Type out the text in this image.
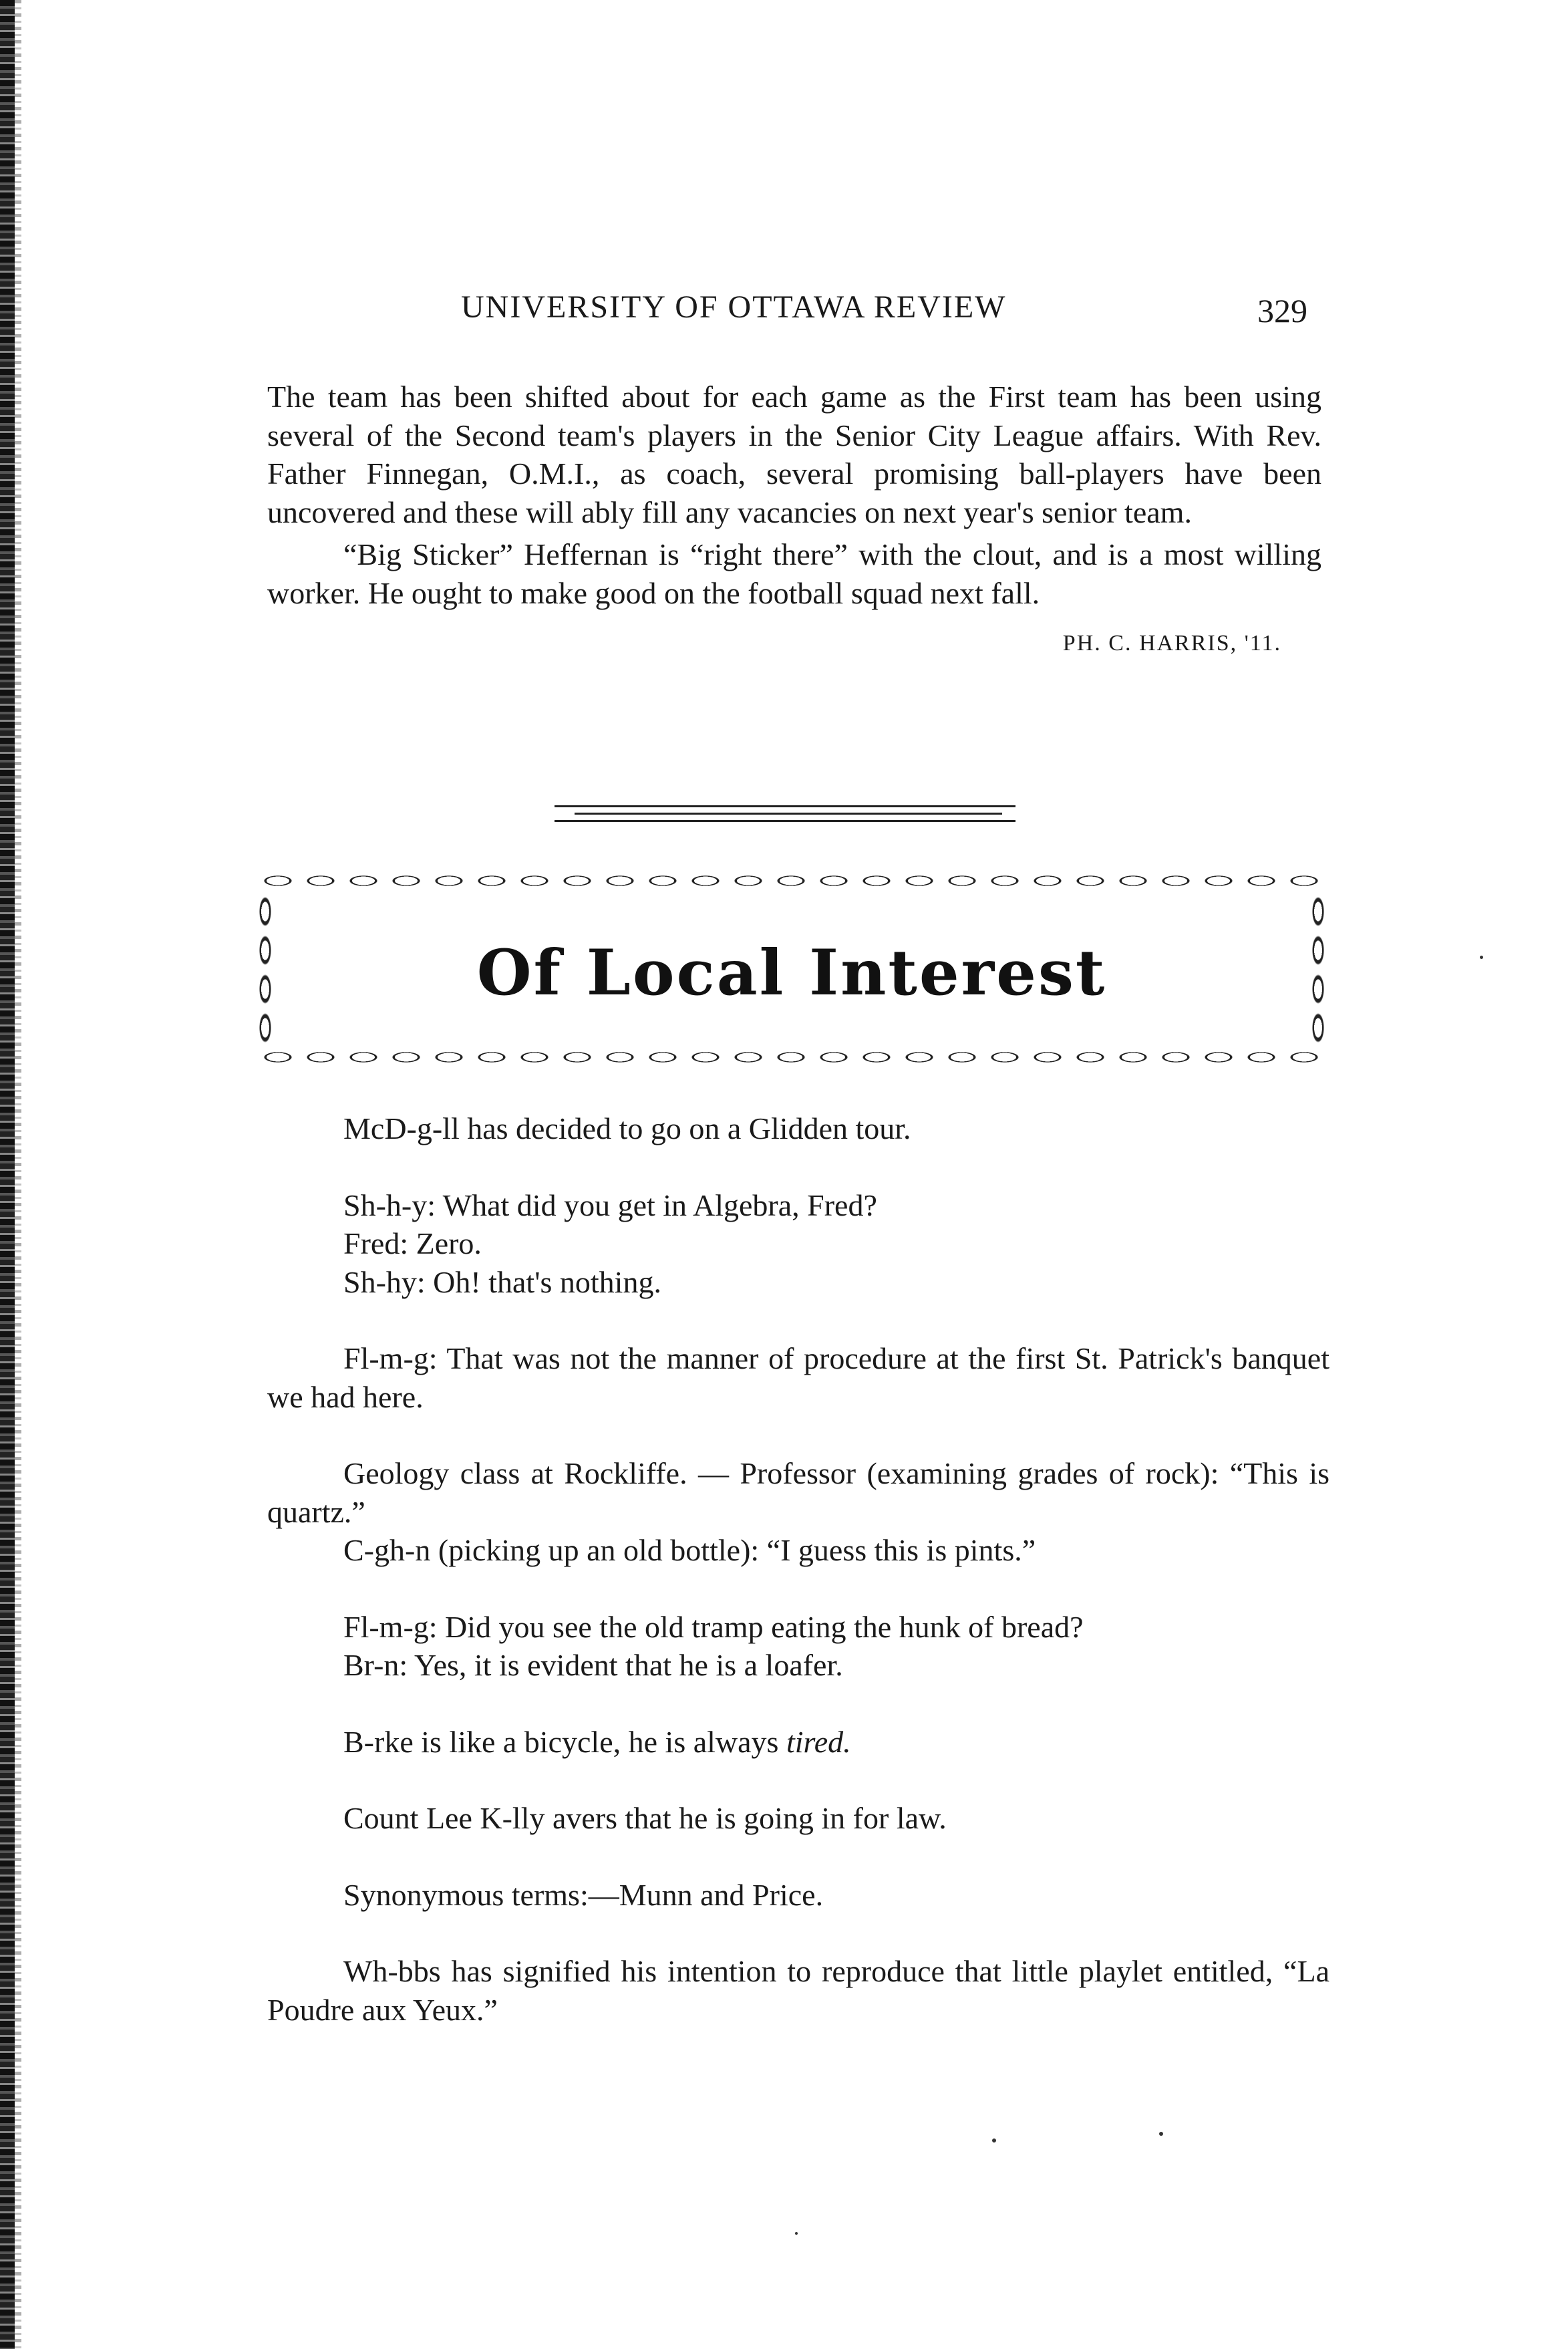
UNIVERSITY OF OTTAWA REVIEW	329

The team has been shifted about for each game as the First team has been using several of the Second team's players in the Senior City League affairs. With Rev. Father Finnegan, O.M.I., as coach, several promising ball-players have been uncovered and these will ably fill any vacancies on next year's senior team.

“Big Sticker” Heffernan is “right there” with the clout, and is a most willing worker. He ought to make good on the football squad next fall.

PH. C. HARRIS, '11.

Of Local Interest

McD-g-ll has decided to go on a Glidden tour.

Sh-h-y: What did you get in Algebra, Fred?

Fred: Zero.

Sh-hy: Oh! that's nothing.

Fl-m-g: That was not the manner of procedure at the first St. Patrick's banquet we had here.

Geology class at Rockliffe. — Professor (examining grades of rock): “This is quartz.”

C-gh-n (picking up an old bottle): “I guess this is pints.”

Fl-m-g: Did you see the old tramp eating the hunk of bread?

Br-n: Yes, it is evident that he is a loafer.

B-rke is like a bicycle, he is always tired.

Count Lee K-lly avers that he is going in for law.

Synonymous terms:—Munn and Price.

Wh-bbs has signified his intention to reproduce that little playlet entitled, “La Poudre aux Yeux.”
